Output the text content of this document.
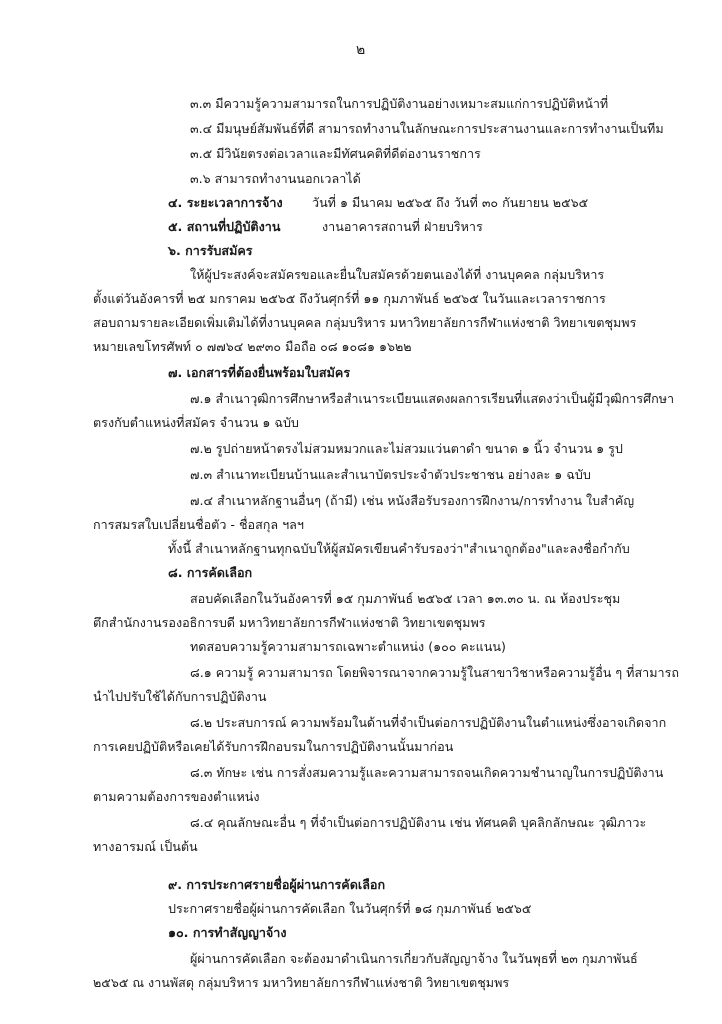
๒
๓.๓ มีความรู้ความสามารถในการปฏิบัติงานอย่างเหมาะสมแก่การปฏิบัติหน้าที่
๓.๔ มีมนุษย์สัมพันธ์ที่ดี สามารถทำงานในลักษณะการประสานงานและการทำงานเป็นทีม
๓.๕ มีวินัยตรงต่อเวลาและมีทัศนคติที่ดีต่องานราชการ
๓.๖ สามารถทำงานนอกเวลาได้
๔. ระยะเวลาการจ้าง วันที่ ๑ มีนาคม ๒๕๖๕ ถึง วันที่ ๓๐ กันยายน ๒๕๖๕
๕. สถานที่ปฏิบัติงาน	งานอาคารสถานที่ ฝ่ายบริหาร
๖. การรับสมัคร
ให้ผู้ประสงค์จะสมัครขอและยื่นใบสมัครด้วยตนเองได้ที่ งานบุคคล กลุ่มบริหาร
ตั้งแต่วันอังคารที่ ๒๕ มกราคม ๒๕๖๕ ถึงวันศุกร์ที่ ๑๑ กุมภาพันธ์ ๒๕๖๕ ในวันและเวลาราชการ
สอบถามรายละเอียดเพิ่มเติมได้ที่งานบุคคล กลุ่มบริหาร มหาวิทยาลัยการกีฬาแห่งชาติ วิทยาเขตชุมพร
หมายเลขโทรศัพท์ ๐ ๗๗๖๔ ๒๙๓๐ มือถือ ๐๘ ๑๐๘๑ ๑๖๒๒
๗. เอกสารที่ต้องยื่นพร้อมใบสมัคร
๗.๑ สำเนาวุฒิการศึกษาหรือสำเนาระเบียนแสดงผลการเรียนที่แสดงว่าเป็นผู้มีวุฒิการศึกษา
ตรงกับตำแหน่งที่สมัคร จำนวน ๑ ฉบับ
๗.๒ รูปถ่ายหน้าตรงไม่สวมหมวกและไม่สวมแว่นตาดำ ขนาด ๑ นิ้ว จำนวน ๑ รูป
๗.๓ สำเนาทะเบียนบ้านและสำเนาบัตรประจำตัวประชาชน อย่างละ ๑ ฉบับ
๗.๔ สำเนาหลักฐานอื่นๆ (ถ้ามี) เช่น หนังสือรับรองการฝึกงาน/การทำงาน ใบสำคัญ
การสมรสใบเปลี่ยนชื่อตัว - ชื่อสกุล ฯลฯ
ทั้งนี้ สำเนาหลักฐานทุกฉบับให้ผู้สมัครเขียนคำรับรองว่า"สำเนาถูกต้อง"และลงชื่อกำกับ
๘. การคัดเลือก
สอบคัดเลือกในวันอังคารที่ ๑๕ กุมภาพันธ์ ๒๕๖๕ เวลา ๑๓.๓๐ น. ณ ห้องประชุม
ตึกสำนักงานรองอธิการบดี มหาวิทยาลัยการกีฬาแห่งชาติ วิทยาเขตชุมพร
ทดสอบความรู้ความสามารถเฉพาะตำแหน่ง (๑๐๐ คะแนน)
๘.๑ ความรู้ ความสามารถ โดยพิจารณาจากความรู้ในสาขาวิชาหรือความรู้อื่น ๆ ที่สามารถ
นำไปปรับใช้ได้กับการปฏิบัติงาน
๘.๒ ประสบการณ์ ความพร้อมในด้านที่จำเป็นต่อการปฏิบัติงานในตำแหน่งซึ่งอาจเกิดจาก
การเคยปฏิบัติหรือเคยได้รับการฝึกอบรมในการปฏิบัติงานนั้นมาก่อน
๘.๓ ทักษะ เช่น การสั่งสมความรู้และความสามารถจนเกิดความชำนาญในการปฏิบัติงาน
ตามความต้องการของตำแหน่ง
๘.๔ คุณลักษณะอื่น ๆ ที่จำเป็นต่อการปฏิบัติงาน เช่น ทัศนคติ บุคลิกลักษณะ วุฒิภาวะ
ทางอารมณ์ เป็นต้น
๙. การประกาศรายชื่อผู้ผ่านการคัดเลือก
ประกาศรายชื่อผู้ผ่านการคัดเลือก ในวันศุกร์ที่ ๑๘ กุมภาพันธ์ ๒๕๖๕
๑๐. การทำสัญญาจ้าง
ผู้ผ่านการคัดเลือก จะต้องมาดำเนินการเกี่ยวกับสัญญาจ้าง ในวันพุธที่ ๒๓ กุมภาพันธ์
๒๕๖๕ ณ งานพัสดุ กลุ่มบริหาร มหาวิทยาลัยการกีฬาแห่งชาติ วิทยาเขตชุมพร
